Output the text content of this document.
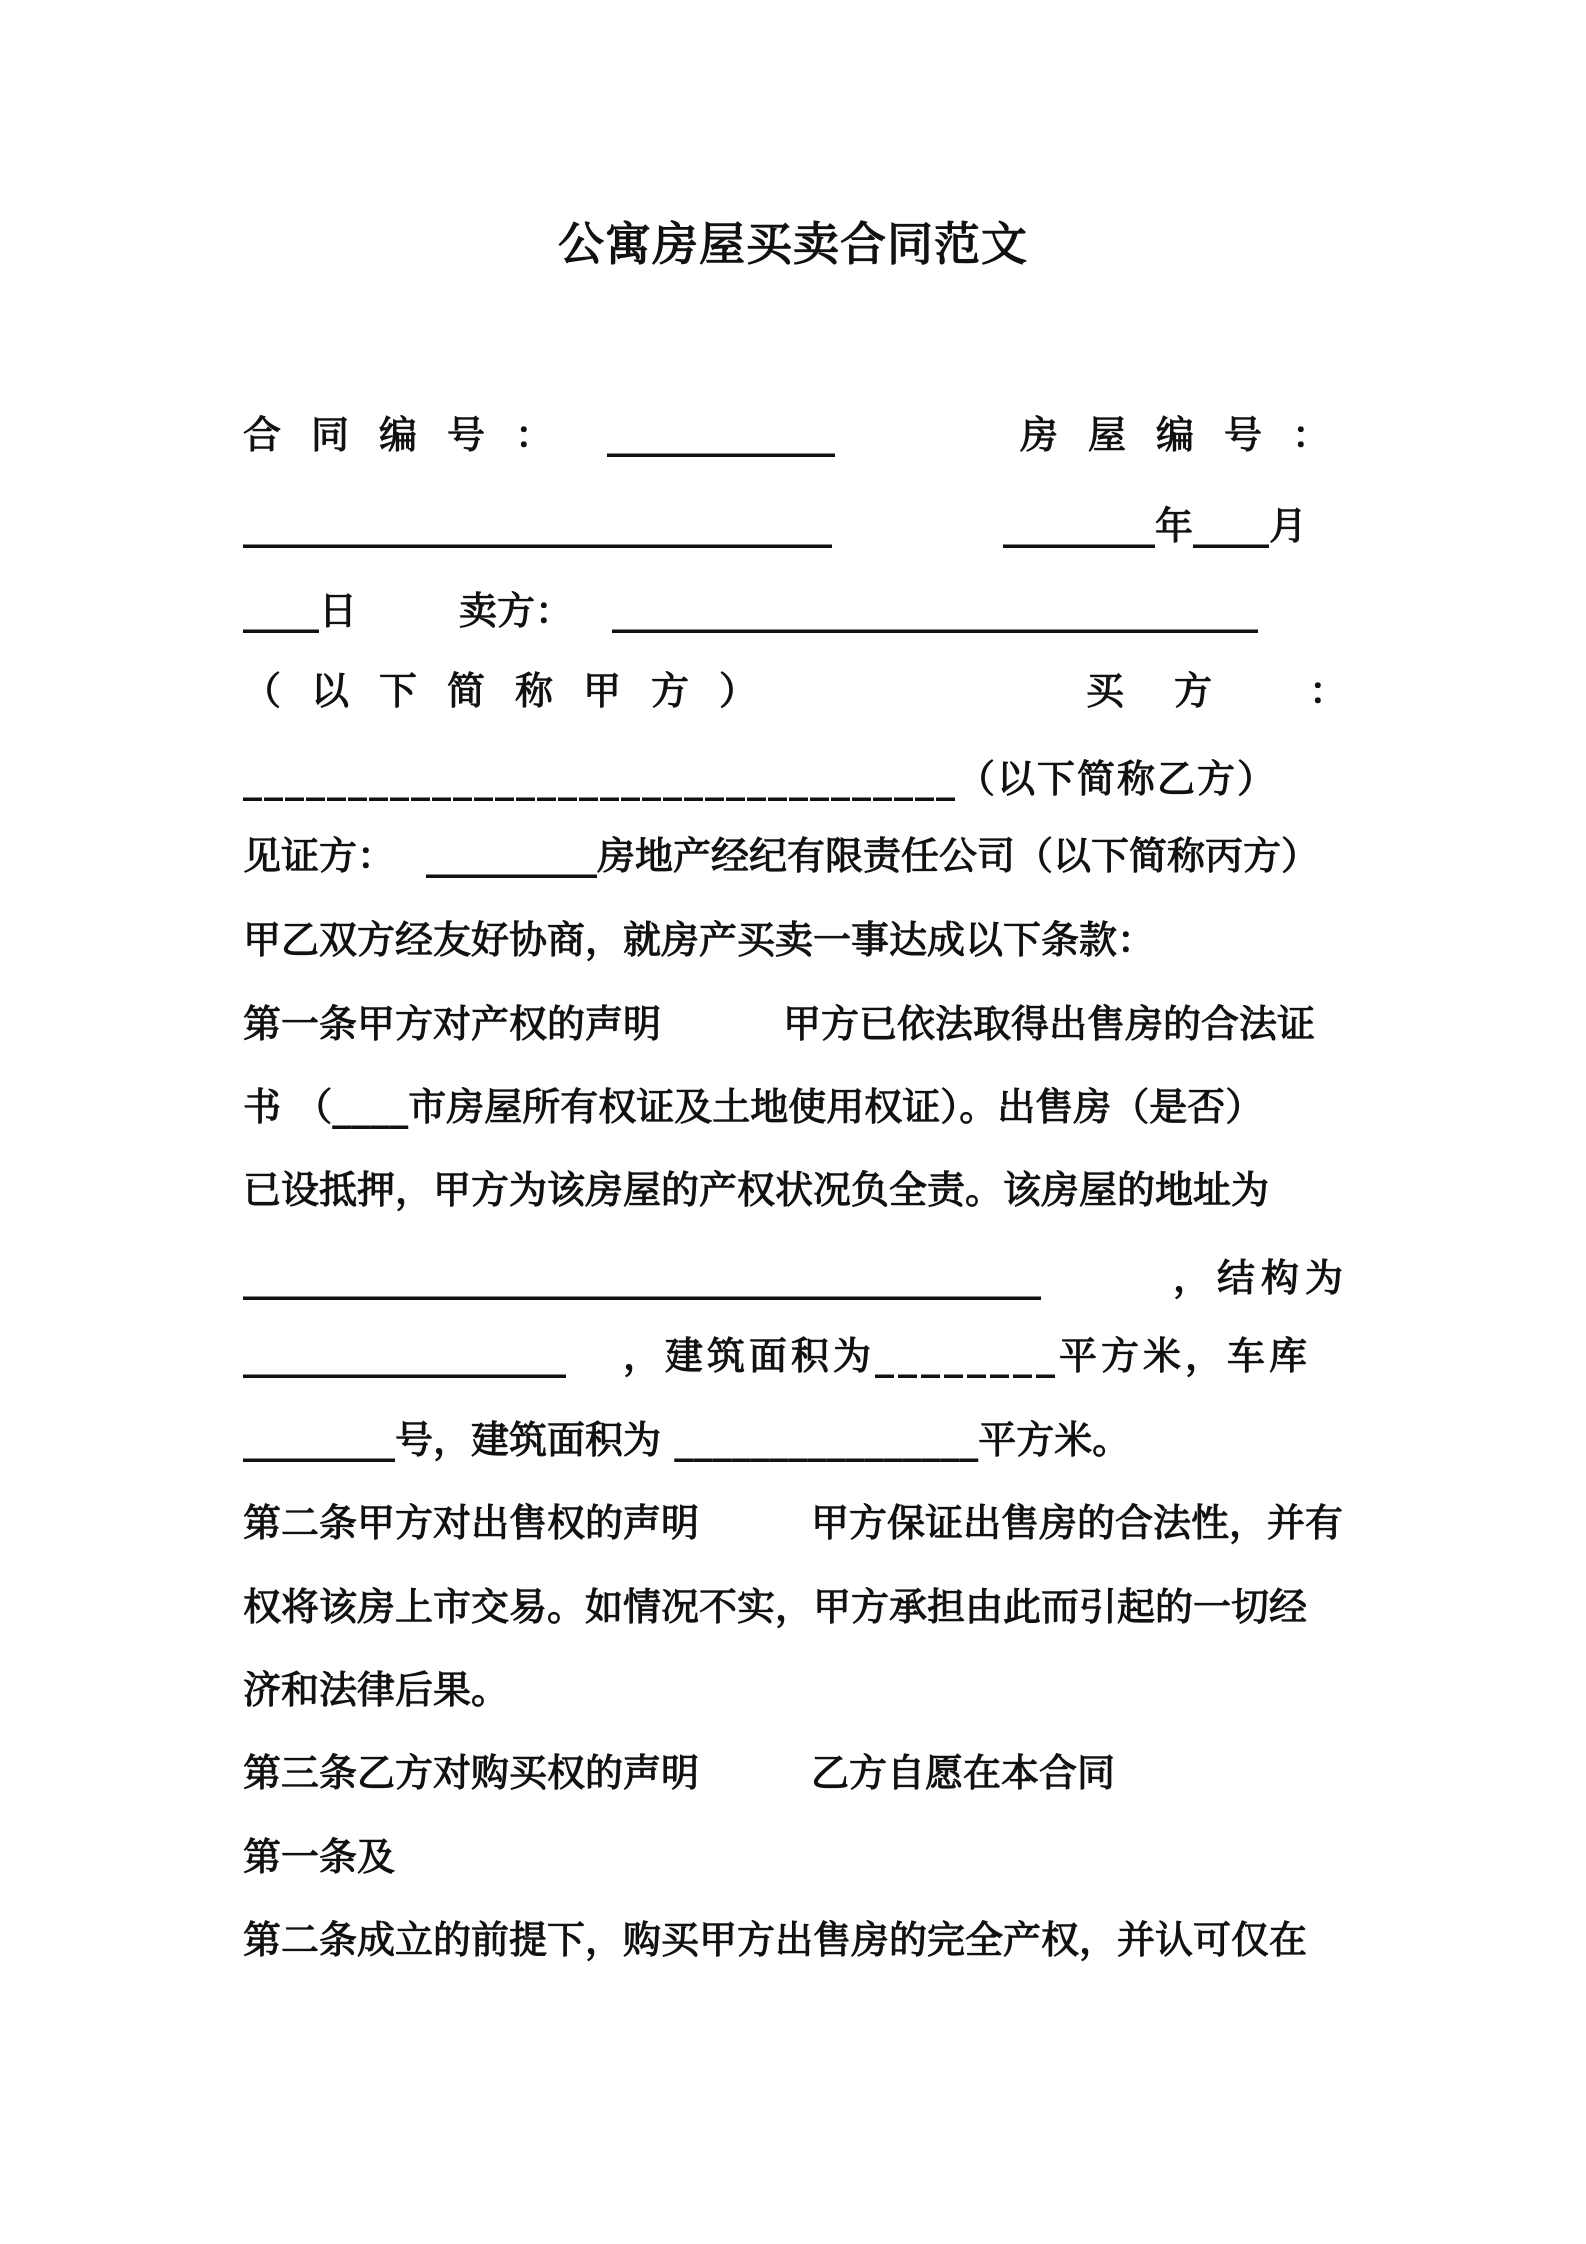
公寓房屋买卖合同范文
合同编号： ____________	房屋编号：
_______________________________	________年____月
____日	卖方： __________________________________
（以下简称甲方）	买方 ：
__________________________________（以下简称乙方）
见证方： _________房地产经纪有限责任公司（以下简称丙方）
甲乙双方经友好协商，就房产买卖一事达成以下条款：
第一条甲方对产权的声明	甲方已依法取得出售房的合法证
书 （____市房屋所有权证及土地使用权证）。出售房（是否）
已设抵押，甲方为该房屋的产权状况负全责。该房屋的地址为
__________________________________________	，结构为
_________________ ，建筑面积为________平方米，车库
________号，建筑面积为 ________________平方米。
第二条甲方对出售权的声明	甲方保证出售房的合法性，并有
权将该房上市交易。如情况不实，甲方承担由此而引起的一切经
济和法律后果。
第三条乙方对购买权的声明	乙方自愿在本合同
第一条及
第二条成立的前提下，购买甲方出售房的完全产权，并认可仅在
